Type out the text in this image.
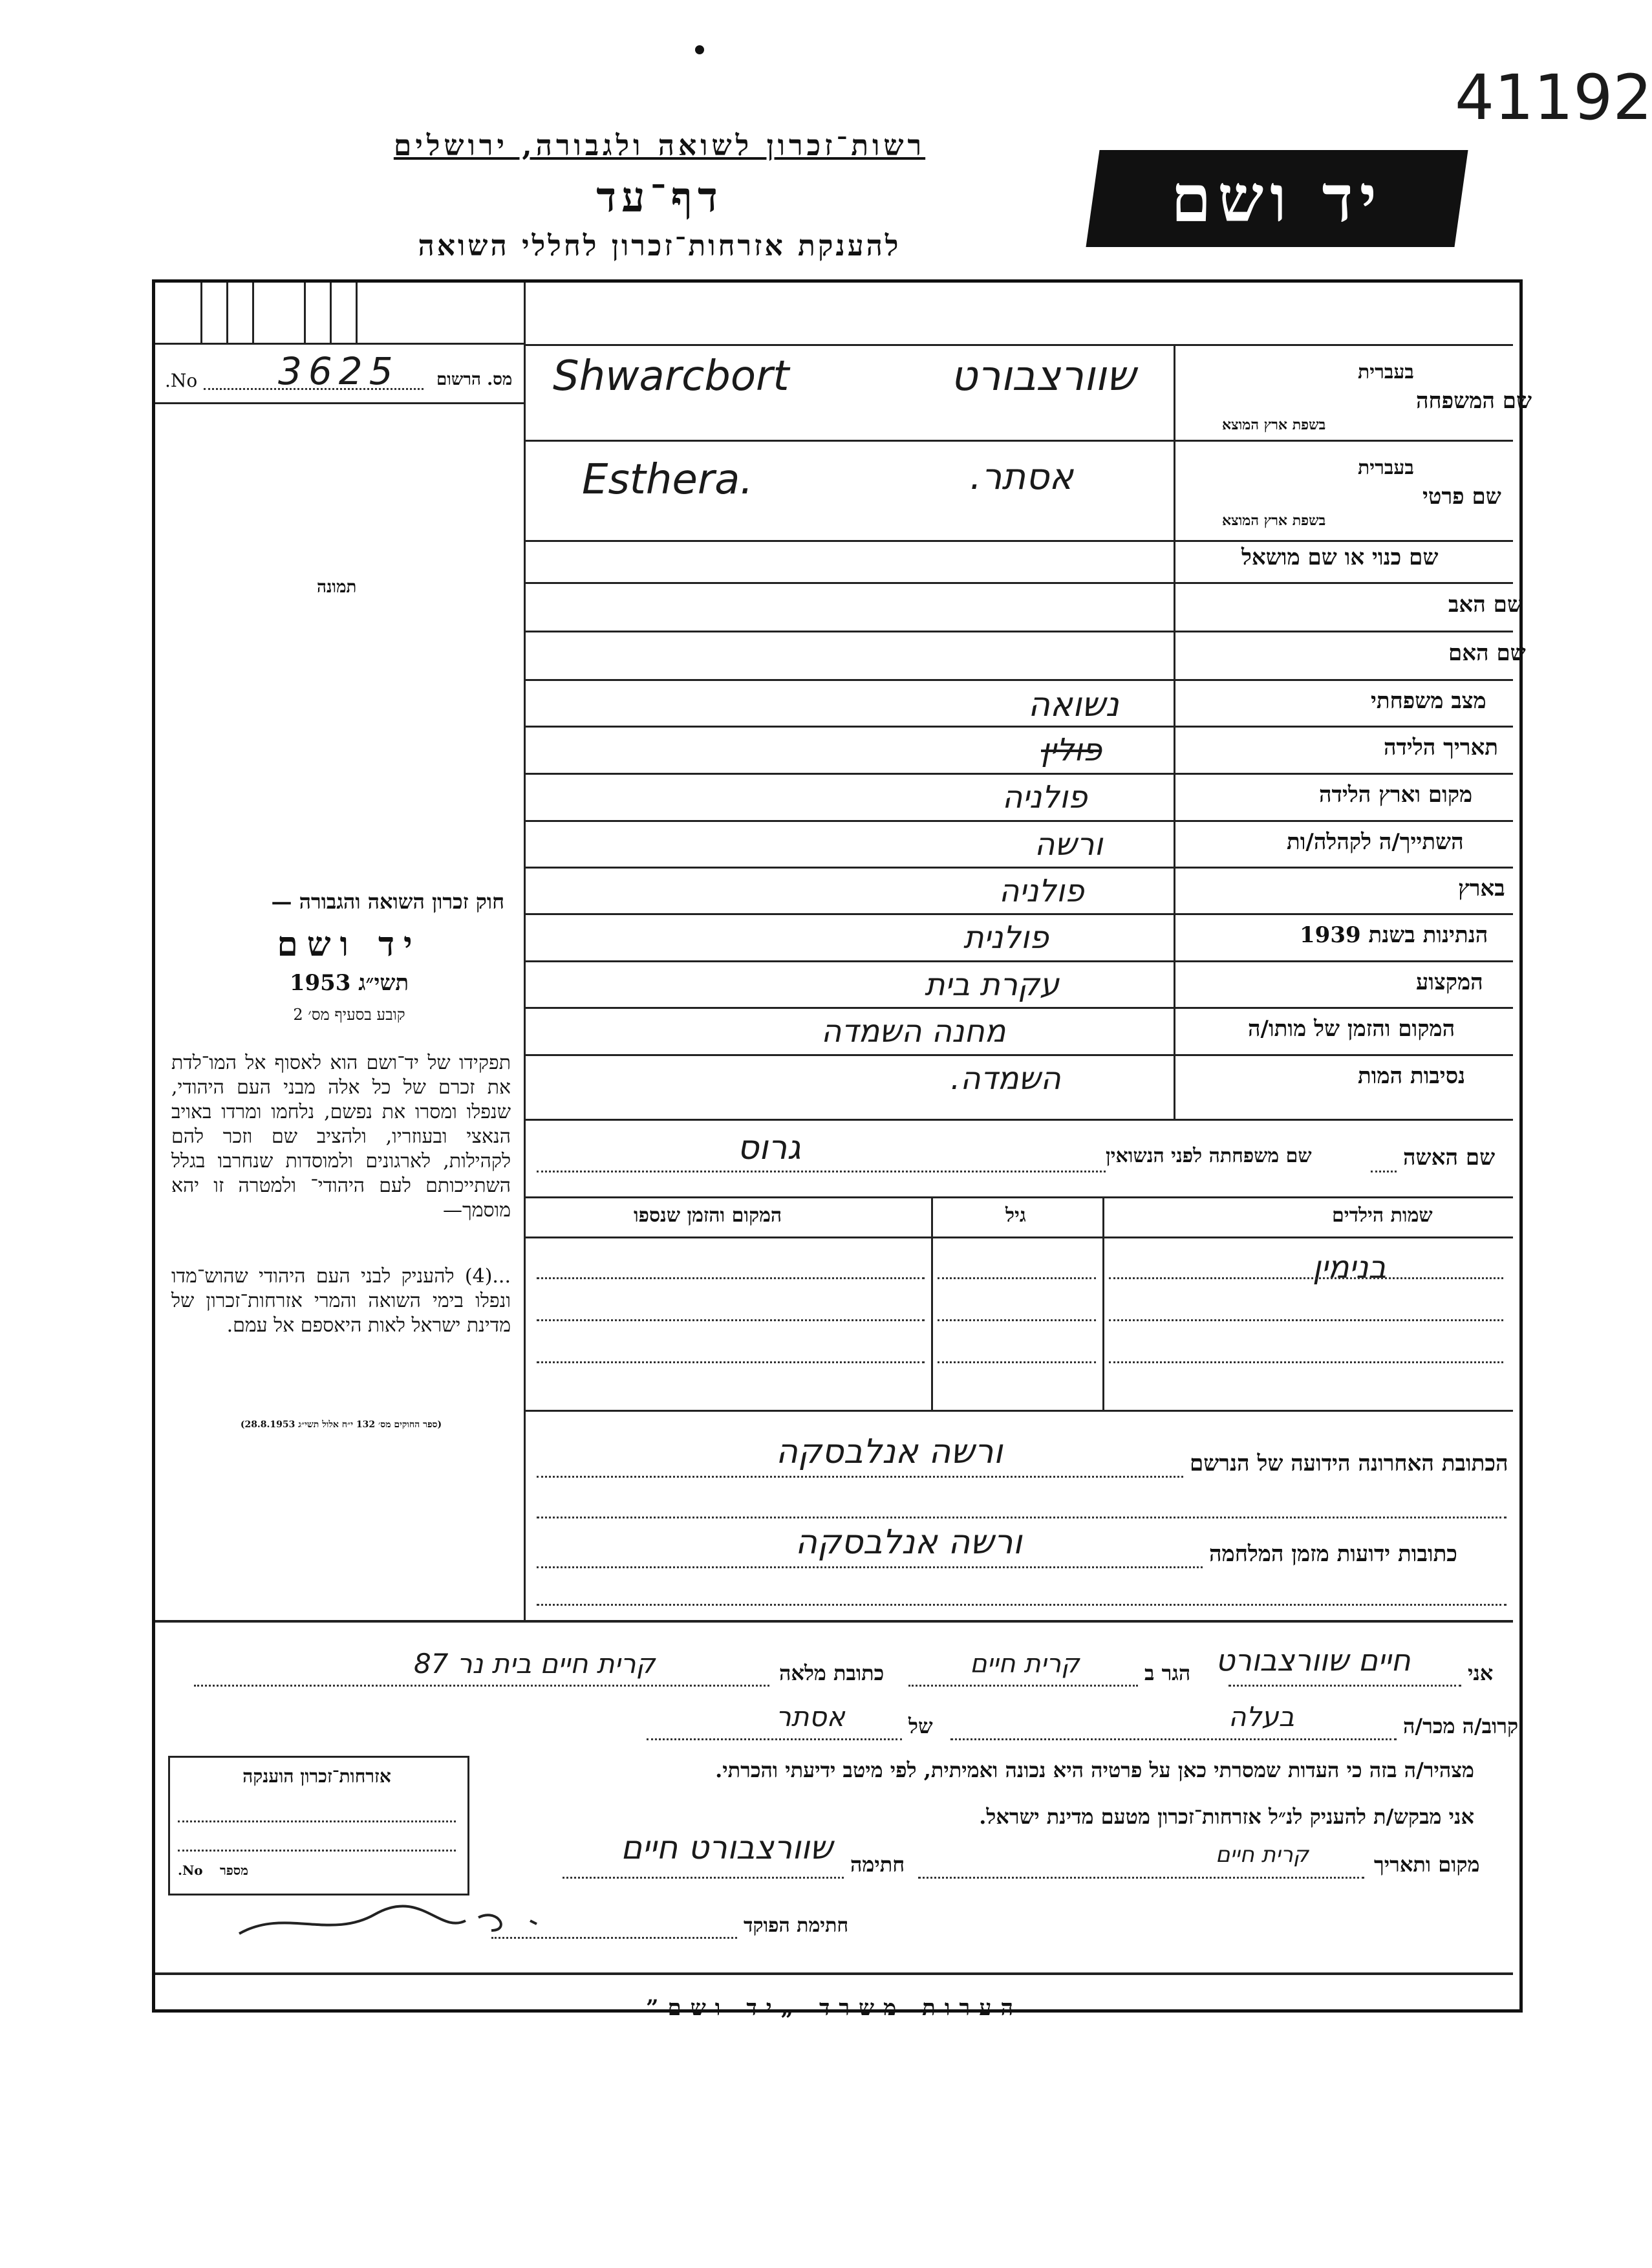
41192
רשות־זכרון לשואה ולגבורה, ירושלים
דף־עד
להענקת אזרחות־זכרון לחללי השואה
יד ושם
No. 3625 מס. הרשום
תמונה
חוק זכרון השואה והגבורה —
יד ושם
תשי״ג 1953
קובע בסעיף מס׳ 2
תפקידו של יד־ושם הוא לאסוף אל המו־לדת את זכרם של כל אלה מבני העם היהודי, שנפלו ומסרו את נפשם, נלחמו ומרדו באויב הנאצי ובעוזריו, ולהציב שם וזכר להם לקהילות, לארגונים ולמוסדות שנחרבו בגלל השתייכותם לעם היהודי־ ולמטרה זו יהא מוסמך—
...(4) להעניק לבני העם היהודי שהוש־מדו ונפלו בימי השואה והמרי אזרחות־זכרון של מדינת ישראל לאות היאספם אל עמם.
(ספר החוקים מס׳ 132 י״ח אלול תשי״ג 28.8.1953)
בעברית
שם המשפחה
בשפת ארץ המוצא
Shwarcbort	שוורצבורט
בעברית
שם פרטי
בשפת ארץ המוצא
Esthera.	אסתר.
שם כנוי או שם מושאל
שם האב
שם האם
מצב משפחתי
נשואה
תאריך הלידה
פולין
מקום וארץ הלידה
פולניה
השתייך/ה לקהלה/ות
ורשה
בארץ
פולניה
הנתינות בשנת 1939
פולנית
המקצוע
עקרת בית
המקום והזמן של מותו/ה
מחנה השמדה
נסיבות המות
השמדה.
שם האשה
שם משפחתה לפני הנשואין
גרוס
שמות הילדים
גיל
המקום והזמן שנספו
בנימין
הכתובת האחרונה הידועה של הנרשם
ורשה אנלבסקה
כתובות ידועות מזמן המלחמה
ורשה אנלבסקה
אני
חיים שוורצבורט
הגר ב
קרית חיים
כתובת מלאה
קרית חיים בית נר 87
קרוב/ה מכר/ה
בעלה
של
אסתר
מצהיר/ה בזה כי העדות שמסרתי כאן על פרטיה היא נכונה ואמיתית, לפי מיטב ידיעתי והכרתי.
אני מבקש/ת להעניק לנ״ל אזרחות־זכרון מטעם מדינת ישראל.
מקום ותאריך
קרית חיים
חתימה
שוורצבורט חיים
אזרחות־זכרון הוענקה
No. מספר
חתימת הפוקד
הערות משרד „יד ושם”
